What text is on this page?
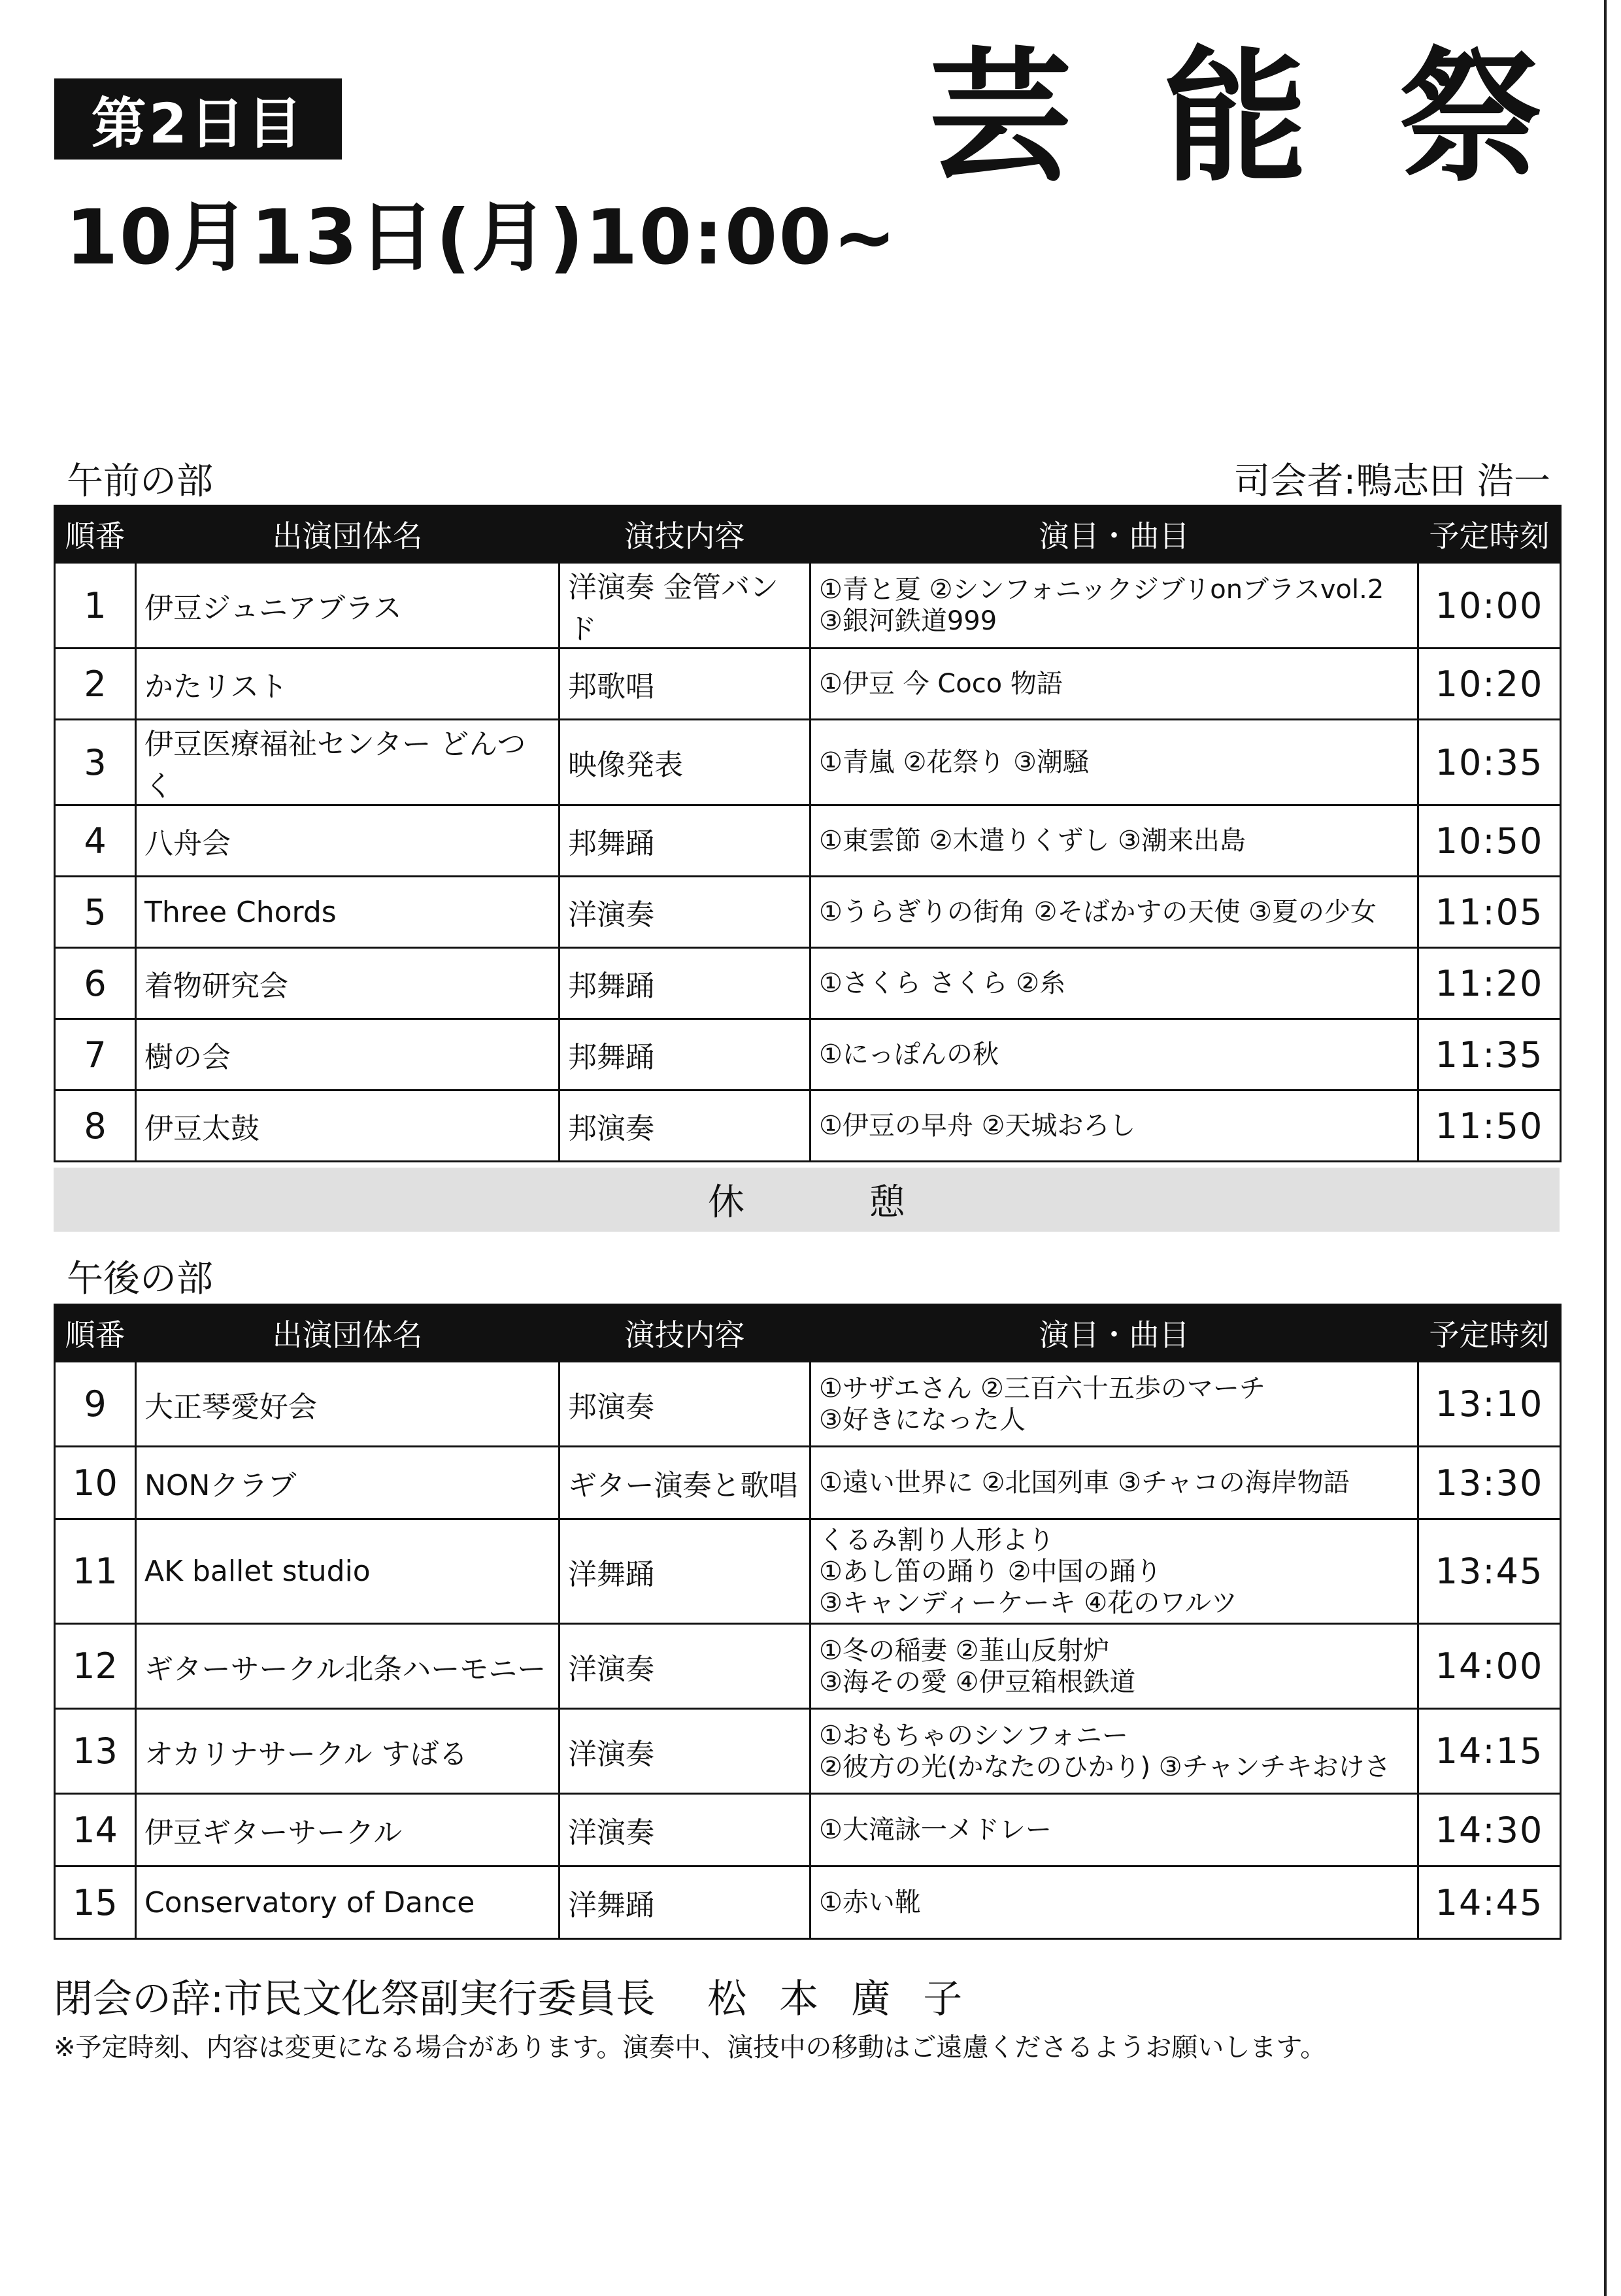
第2日目
10月13日(月)10:00~
芸 能 祭
午前の部	司会者:鴨志田 浩一
順番	出演団体名	演技内容	演目・曲目	予定時刻
1	伊豆ジュニアブラス	洋演奏 金管バンド	①青と夏 ②シンフォニックジブリonブラスvol.2
③銀河鉄道999	10:00
2	かたリスト	邦歌唱	①伊豆 今 Coco 物語	10:20
3	伊豆医療福祉センター どんつく	映像発表	①青嵐 ②花祭り ③潮騒	10:35
4	八舟会	邦舞踊	①東雲節 ②木遣りくずし ③潮来出島	10:50
5	Three Chords	洋演奏	①うらぎりの街角 ②そばかすの天使 ③夏の少女	11:05
6	着物研究会	邦舞踊	①さくら さくら ②糸	11:20
7	樹の会	邦舞踊	①にっぽんの秋	11:35
8	伊豆太鼓	邦演奏	①伊豆の早舟 ②天城おろし	11:50
休憩
午後の部
順番	出演団体名	演技内容	演目・曲目	予定時刻
9	大正琴愛好会	邦演奏	①サザエさん ②三百六十五歩のマーチ
③好きになった人	13:10
10	NONクラブ	ギター演奏と歌唱	①遠い世界に ②北国列車 ③チャコの海岸物語	13:30
11	AK ballet studio	洋舞踊	くるみ割り人形より
①あし笛の踊り ②中国の踊り
③キャンディーケーキ ④花のワルツ	13:45
12	ギターサークル北条ハーモニー	洋演奏	①冬の稲妻 ②韮山反射炉
③海その愛 ④伊豆箱根鉄道	14:00
13	オカリナサークル すばる	洋演奏	①おもちゃのシンフォニー
②彼方の光(かなたのひかり) ③チャンチキおけさ	14:15
14	伊豆ギターサークル	洋演奏	①大滝詠一メドレー	14:30
15	Conservatory of Dance	洋舞踊	①赤い靴	14:45
閉会の辞:市民文化祭副実行委員長 松本廣子
※予定時刻、内容は変更になる場合があります。演奏中、演技中の移動はご遠慮くださるようお願いします。
